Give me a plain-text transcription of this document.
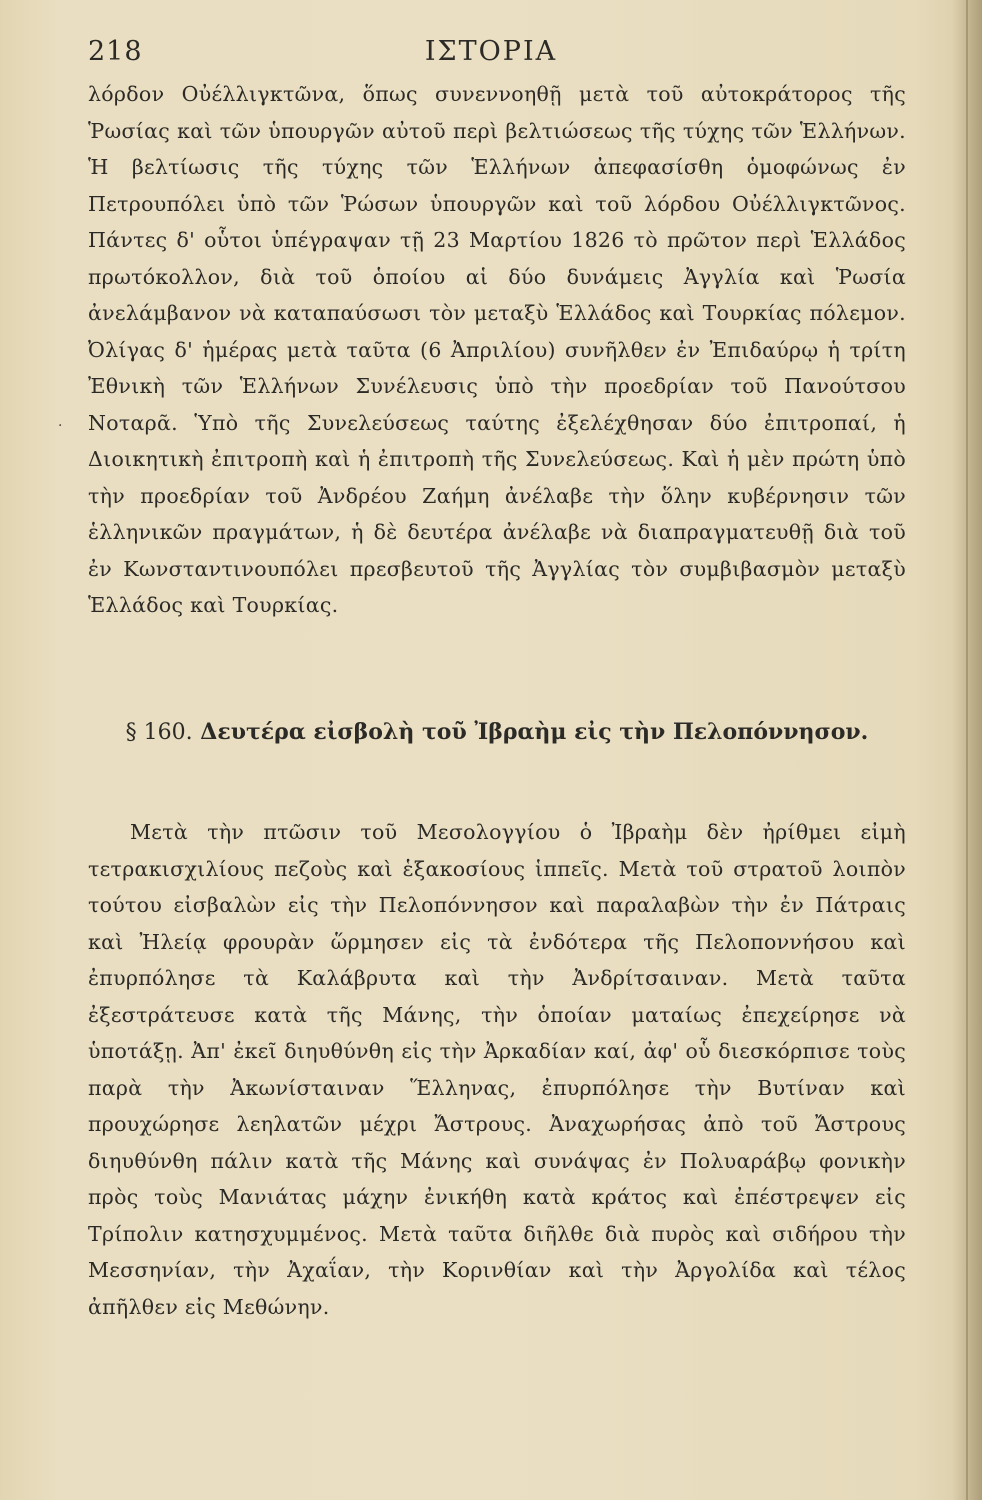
218	ΙΣΤΟΡΙΑ
·

λόρδον Οὐέλλιγκτῶνα, ὅπως συνεννοηθῇ μετὰ τοῦ αὐτοκράτορος τῆς Ῥωσίας καὶ τῶν ὑπουργῶν αὐτοῦ περὶ βελτιώσεως τῆς τύχης τῶν Ἑλλήνων. Ἡ βελτίωσις τῆς τύχης τῶν Ἑλλήνων ἀπεφασίσθη ὁμοφώνως ἐν Πετρουπόλει ὑπὸ τῶν Ῥώσων ὑπουργῶν καὶ τοῦ λόρδου Οὐέλλιγκτῶνος. Πάντες δ' οὗτοι ὑπέγραψαν τῇ 23 Μαρτίου 1826 τὸ πρῶτον περὶ Ἑλλάδος πρωτόκολλον, διὰ τοῦ ὁποίου αἱ δύο δυνάμεις Ἀγγλία καὶ Ῥωσία ἀνελάμβανον νὰ καταπαύσωσι τὸν μεταξὺ Ἑλλάδος καὶ Τουρκίας πόλεμον. Ὀλίγας δ' ἡμέρας μετὰ ταῦτα (6 Ἀπριλίου) συνῆλθεν ἐν Ἐπιδαύρῳ ἡ τρίτη Ἐθνικὴ τῶν Ἑλλήνων Συνέλευσις ὑπὸ τὴν προεδρίαν τοῦ Πανούτσου Νοταρᾶ. Ὑπὸ τῆς Συνελεύσεως ταύτης ἐξελέχθησαν δύο ἐπιτροπαί, ἡ Διοικητικὴ ἐπιτροπὴ καὶ ἡ ἐπιτροπὴ τῆς Συνελεύσεως. Καὶ ἡ μὲν πρώτη ὑπὸ τὴν προεδρίαν τοῦ Ἀνδρέου Ζαήμη ἀνέλαβε τὴν ὅλην κυβέρνησιν τῶν ἑλληνικῶν πραγμάτων, ἡ δὲ δευτέρα ἀνέλαβε νὰ διαπραγματευθῇ διὰ τοῦ ἐν Κωνσταντινουπόλει πρεσβευτοῦ τῆς Ἀγγλίας τὸν συμβιβασμὸν μεταξὺ Ἑλλάδος καὶ Τουρκίας.

§ 160. Δευτέρα εἰσβολὴ τοῦ Ἰβραὴμ εἰς τὴν Πελοπόννησον.

Μετὰ τὴν πτῶσιν τοῦ Μεσολογγίου ὁ Ἰβραὴμ δὲν ἠρίθμει εἰμὴ τετρακισχιλίους πεζοὺς καὶ ἑξακοσίους ἱππεῖς. Μετὰ τοῦ στρατοῦ λοιπὸν τούτου εἰσβαλὼν εἰς τὴν Πελοπόννησον καὶ παραλαβὼν τὴν ἐν Πάτραις καὶ Ἠλείᾳ φρουρὰν ὥρμησεν εἰς τὰ ἐνδότερα τῆς Πελοποννήσου καὶ ἐπυρπόλησε τὰ Καλάβρυτα καὶ τὴν Ἀνδρίτσαιναν. Μετὰ ταῦτα ἐξεστράτευσε κατὰ τῆς Μάνης, τὴν ὁποίαν ματαίως ἐπεχείρησε νὰ ὑποτάξῃ. Ἀπ' ἐκεῖ διηυθύνθη εἰς τὴν Ἀρκαδίαν καί, ἀφ' οὗ διεσκόρπισε τοὺς παρὰ τὴν Ἀκωνίσταιναν Ἕλληνας, ἐπυρπόλησε τὴν Βυτίναν καὶ προυχώρησε λεηλατῶν μέχρι Ἄστρους. Ἀναχωρήσας ἀπὸ τοῦ Ἄστρους διηυθύνθη πάλιν κατὰ τῆς Μάνης καὶ συνάψας ἐν Πολυαράβῳ φονικὴν πρὸς τοὺς Μανιάτας μάχην ἐνικήθη κατὰ κράτος καὶ ἐπέστρεψεν εἰς Τρίπολιν κατησχυμμένος. Μετὰ ταῦτα διῆλθε διὰ πυρὸς καὶ σιδήρου τὴν Μεσσηνίαν, τὴν Ἀχαΐαν, τὴν Κορινθίαν καὶ τὴν Ἀργολίδα καὶ τέλος ἀπῆλθεν εἰς Μεθώνην.
